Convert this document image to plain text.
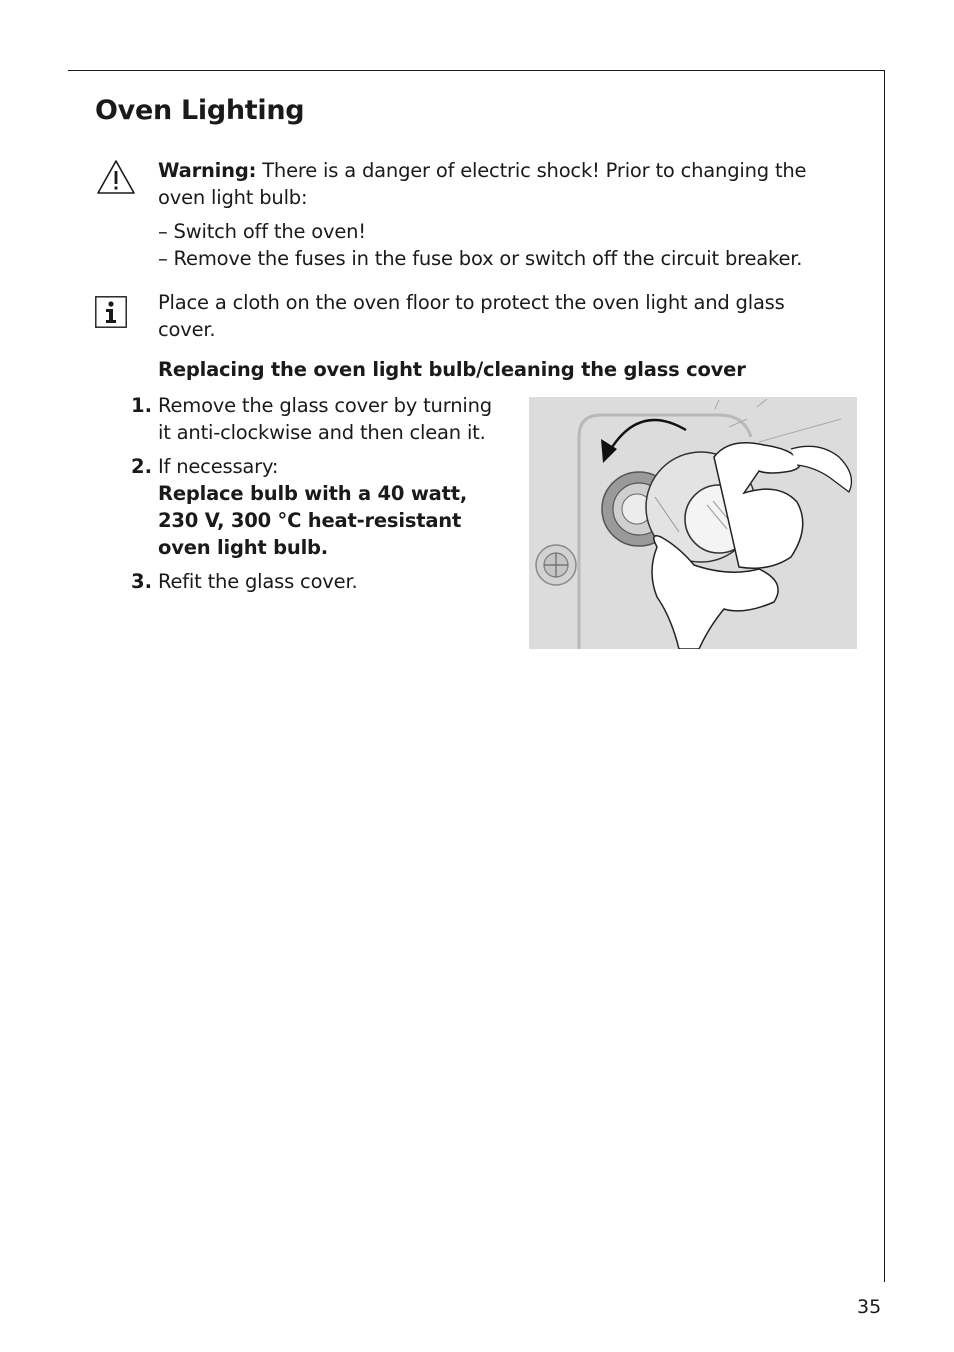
Oven Lighting
Warning: There is a danger of electric shock! Prior to changing the
oven light bulb:
– Switch off the oven!
– Remove the fuses in the fuse box or switch off the circuit breaker.
Place a cloth on the oven floor to protect the oven light and glass
cover.
Replacing the oven light bulb/cleaning the glass cover
1. Remove the glass cover by turning
it anti-clockwise and then clean it.
2. If necessary:
Replace bulb with a 40 watt,
230 V, 300 °C heat-resistant
oven light bulb.
3. Refit the glass cover.
35
